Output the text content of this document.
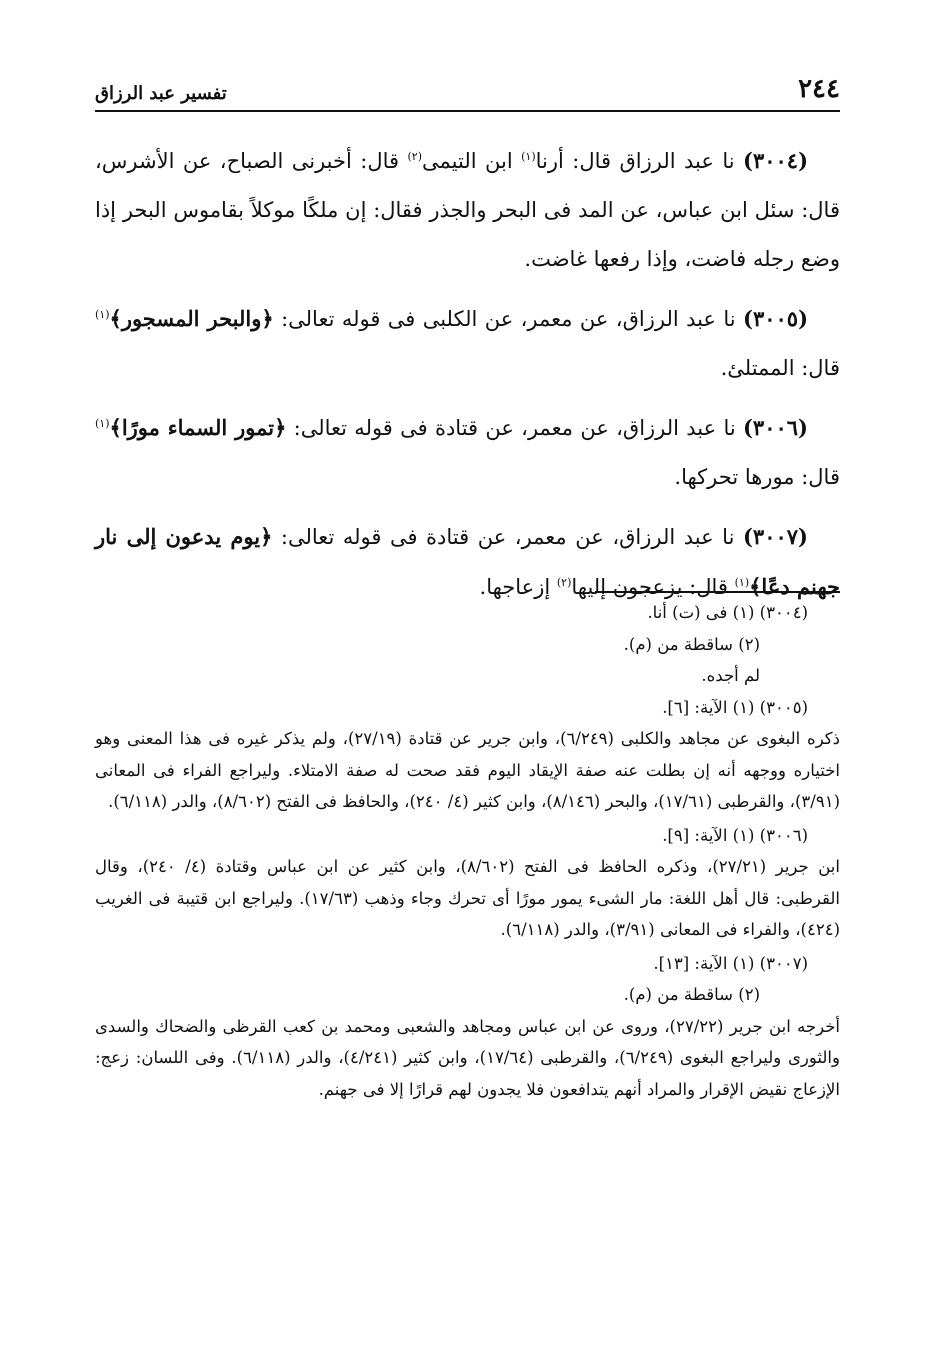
٢٤٤
تفسير عبد الرزاق

(٣٠٠٤) نا عبد الرزاق قال: أرنا$^{(١)}$ ابن التيمى$^{(٢)}$ قال: أخبرنى الصباح، عن الأشرس، قال: سئل ابن عباس، عن المد فى البحر والجذر فقال: إن ملكًا موكلاً بقاموس البحر إذا وضع رجله فاضت، وإذا رفعها غاضت.

(٣٠٠٥) نا عبد الرزاق، عن معمر، عن الكلبى فى قوله تعالى: ﴿والبحر المسجور﴾$^{(١)}$ قال: الممتلئ.

(٣٠٠٦) نا عبد الرزاق، عن معمر، عن قتادة فى قوله تعالى: ﴿تمور السماء مورًا﴾$^{(١)}$ قال: مورها تحركها.

(٣٠٠٧) نا عبد الرزاق، عن معمر، عن قتادة فى قوله تعالى: ﴿يوم يدعون إلى نار جهنم دعًا﴾$^{(١)}$ قال: يزعجون إليها$^{(٢)}$ إزعاجها.

(٣٠٠٤) (١) فى (ت) أنا.

(٢) ساقطة من (م).

لم أجده.

(٣٠٠٥) (١) الآية: [٦].

ذكره البغوى عن مجاهد والكلبى (٦/٢٤٩)، وابن جرير عن قتادة (٢٧/١٩)، ولم يذكر غيره فى هذا المعنى وهو اختياره ووجهه أنه إن بطلت عنه صفة الإيقاد اليوم فقد صحت له صفة الامتلاء. وليراجع الفراء فى المعانى (٣/٩١)، والقرطبى (١٧/٦١)، والبحر (٨/١٤٦)، وابن كثير (٤/ ٢٤٠)، والحافظ فى الفتح (٨/٦٠٢)، والدر (٦/١١٨).

(٣٠٠٦) (١) الآية: [٩].

ابن جرير (٢٧/٢١)، وذكره الحافظ فى الفتح (٨/٦٠٢)، وابن كثير عن ابن عباس وقتادة (٤/ ٢٤٠)، وقال القرطبى: قال أهل اللغة: مار الشىء يمور مورًا أى تحرك وجاء وذهب (١٧/٦٣). وليراجع ابن قتيبة فى الغريب (٤٢٤)، والفراء فى المعانى (٣/٩١)، والدر (٦/١١٨).

(٣٠٠٧) (١) الآية: [١٣].

(٢) ساقطة من (م).

أخرجه ابن جرير (٢٧/٢٢)، وروى عن ابن عباس ومجاهد والشعبى ومحمد بن كعب القرظى والضحاك والسدى والثورى وليراجع البغوى (٦/٢٤٩)، والقرطبى (١٧/٦٤)، وابن كثير (٤/٢٤١)، والدر (٦/١١٨). وفى اللسان: زعج: الإزعاج نقيض الإقرار والمراد أنهم يتدافعون فلا يجدون لهم قرارًا إلا فى جهنم.
